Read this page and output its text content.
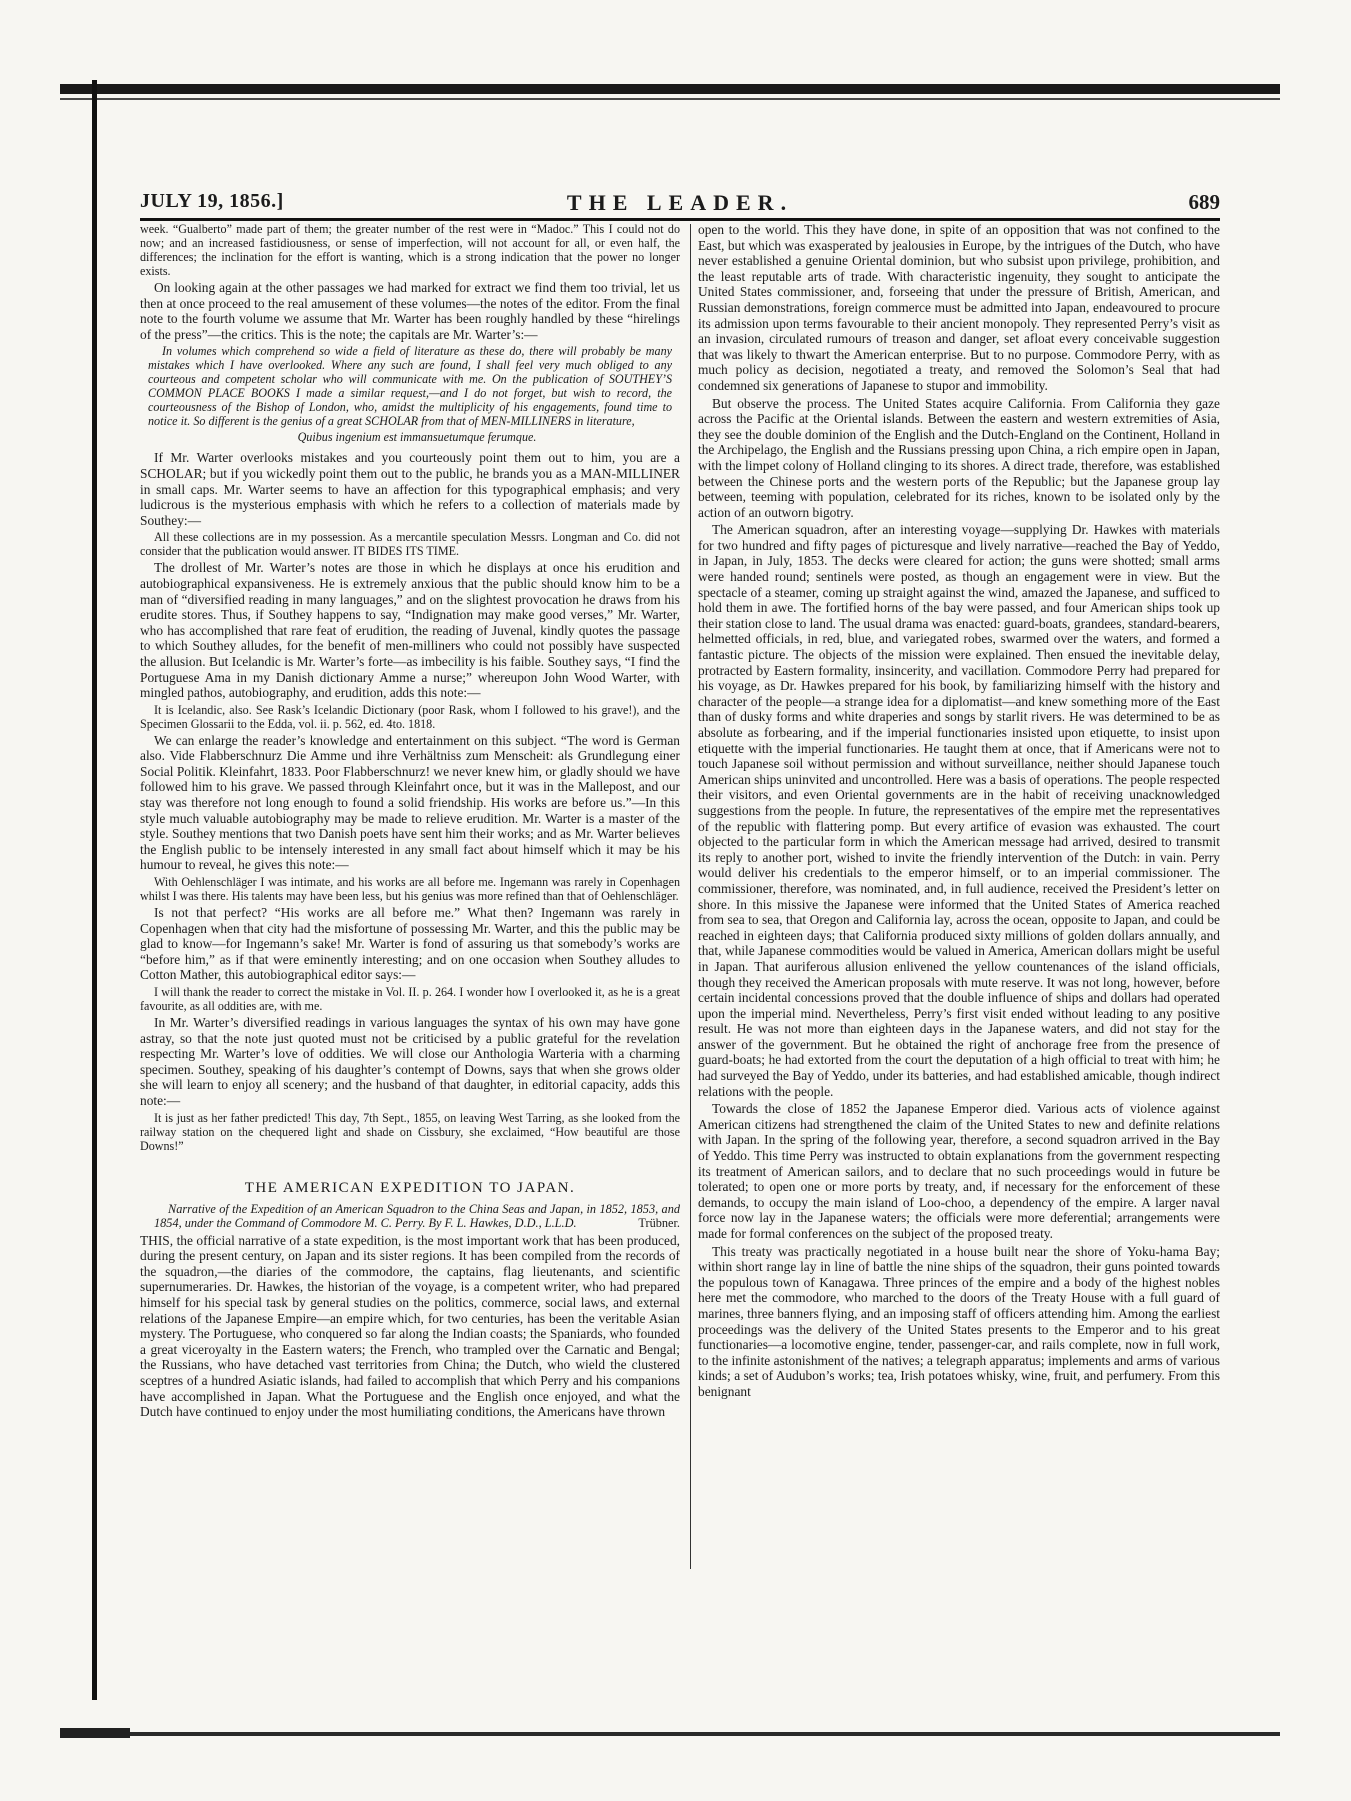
JULY 19, 1856.]	THE LEADER.	689

week. “Gualberto” made part of them; the greater number of the rest were in “Madoc.” This I could not do now; and an increased fastidiousness, or sense of imperfection, will not account for all, or even half, the differences; the inclination for the effort is wanting, which is a strong indication that the power no longer exists.

On looking again at the other passages we had marked for extract we find them too trivial, let us then at once proceed to the real amusement of these volumes—the notes of the editor. From the final note to the fourth volume we assume that Mr. Warter has been roughly handled by these “hirelings of the press”—the critics. This is the note; the capitals are Mr. Warter’s:—

In volumes which comprehend so wide a field of literature as these do, there will probably be many mistakes which I have overlooked. Where any such are found, I shall feel very much obliged to any courteous and competent scholar who will communicate with me. On the publication of SOUTHEY’S COMMON PLACE BOOKS I made a similar request,—and I do not forget, but wish to record, the courteousness of the Bishop of London, who, amidst the multiplicity of his engagements, found time to notice it. So different is the genius of a great SCHOLAR from that of MEN-MILLINERS in literature,

Quibus ingenium est immansuetumque ferumque.

If Mr. Warter overlooks mistakes and you courteously point them out to him, you are a SCHOLAR; but if you wickedly point them out to the public, he brands you as a MAN-MILLINER in small caps. Mr. Warter seems to have an affection for this typographical emphasis; and very ludicrous is the mysterious emphasis with which he refers to a collection of materials made by Southey:—

All these collections are in my possession. As a mercantile speculation Messrs. Longman and Co. did not consider that the publication would answer. IT BIDES ITS TIME.

The drollest of Mr. Warter’s notes are those in which he displays at once his erudition and autobiographical expansiveness. He is extremely anxious that the public should know him to be a man of “diversified reading in many languages,” and on the slightest provocation he draws from his erudite stores. Thus, if Southey happens to say, “Indignation may make good verses,” Mr. Warter, who has accomplished that rare feat of erudition, the reading of Juvenal, kindly quotes the passage to which Southey alludes, for the benefit of men-milliners who could not possibly have suspected the allusion. But Icelandic is Mr. Warter’s forte—as imbecility is his faible. Southey says, “I find the Portuguese Ama in my Danish dictionary Amme a nurse;” whereupon John Wood Warter, with mingled pathos, autobiography, and erudition, adds this note:—

It is Icelandic, also. See Rask’s Icelandic Dictionary (poor Rask, whom I followed to his grave!), and the Specimen Glossarii to the Edda, vol. ii. p. 562, ed. 4to. 1818.

We can enlarge the reader’s knowledge and entertainment on this subject. “The word is German also. Vide Flabberschnurz Die Amme und ihre Verhältniss zum Menscheit: als Grundlegung einer Social Politik. Kleinfahrt, 1833. Poor Flabberschnurz! we never knew him, or gladly should we have followed him to his grave. We passed through Kleinfahrt once, but it was in the Mallepost, and our stay was therefore not long enough to found a solid friendship. His works are before us.”—In this style much valuable autobiography may be made to relieve erudition. Mr. Warter is a master of the style. Southey mentions that two Danish poets have sent him their works; and as Mr. Warter believes the English public to be intensely interested in any small fact about himself which it may be his humour to reveal, he gives this note:—

With Oehlenschläger I was intimate, and his works are all before me. Ingemann was rarely in Copenhagen whilst I was there. His talents may have been less, but his genius was more refined than that of Oehlenschläger.

Is not that perfect? “His works are all before me.” What then? Ingemann was rarely in Copenhagen when that city had the misfortune of possessing Mr. Warter, and this the public may be glad to know—for Ingemann’s sake! Mr. Warter is fond of assuring us that somebody’s works are “before him,” as if that were eminently interesting; and on one occasion when Southey alludes to Cotton Mather, this autobiographical editor says:—

I will thank the reader to correct the mistake in Vol. II. p. 264. I wonder how I overlooked it, as he is a great favourite, as all oddities are, with me.

In Mr. Warter’s diversified readings in various languages the syntax of his own may have gone astray, so that the note just quoted must not be criticised by a public grateful for the revelation respecting Mr. Warter’s love of oddities. We will close our Anthologia Warteria with a charming specimen. Southey, speaking of his daughter’s contempt of Downs, says that when she grows older she will learn to enjoy all scenery; and the husband of that daughter, in editorial capacity, adds this note:—

It is just as her father predicted! This day, 7th Sept., 1855, on leaving West Tarring, as she looked from the railway station on the chequered light and shade on Cissbury, she exclaimed, “How beautiful are those Downs!”

THE AMERICAN EXPEDITION TO JAPAN.

Narrative of the Expedition of an American Squadron to the China Seas and Japan, in 1852, 1853, and 1854, under the Command of Commodore M. C. Perry. By F. L. Hawkes, D.D., L.L.D.	Trübner.

THIS, the official narrative of a state expedition, is the most important work that has been produced, during the present century, on Japan and its sister regions. It has been compiled from the records of the squadron,—the diaries of the commodore, the captains, flag lieutenants, and scientific supernumeraries. Dr. Hawkes, the historian of the voyage, is a competent writer, who had prepared himself for his special task by general studies on the politics, commerce, social laws, and external relations of the Japanese Empire—an empire which, for two centuries, has been the veritable Asian mystery. The Portuguese, who conquered so far along the Indian coasts; the Spaniards, who founded a great viceroyalty in the Eastern waters; the French, who trampled over the Carnatic and Bengal; the Russians, who have detached vast territories from China; the Dutch, who wield the clustered sceptres of a hundred Asiatic islands, had failed to accomplish that which Perry and his companions have accomplished in Japan. What the Portuguese and the English once enjoyed, and what the Dutch have continued to enjoy under the most humiliating conditions, the Americans have thrown

open to the world. This they have done, in spite of an opposition that was not confined to the East, but which was exasperated by jealousies in Europe, by the intrigues of the Dutch, who have never established a genuine Oriental dominion, but who subsist upon privilege, prohibition, and the least reputable arts of trade. With characteristic ingenuity, they sought to anticipate the United States commissioner, and, forseeing that under the pressure of British, American, and Russian demonstrations, foreign commerce must be admitted into Japan, endeavoured to procure its admission upon terms favourable to their ancient monopoly. They represented Perry’s visit as an invasion, circulated rumours of treason and danger, set afloat every conceivable suggestion that was likely to thwart the American enterprise. But to no purpose. Commodore Perry, with as much policy as decision, negotiated a treaty, and removed the Solomon’s Seal that had condemned six generations of Japanese to stupor and immobility.

But observe the process. The United States acquire California. From California they gaze across the Pacific at the Oriental islands. Between the eastern and western extremities of Asia, they see the double dominion of the English and the Dutch-England on the Continent, Holland in the Archipelago, the English and the Russians pressing upon China, a rich empire open in Japan, with the limpet colony of Holland clinging to its shores. A direct trade, therefore, was established between the Chinese ports and the western ports of the Republic; but the Japanese group lay between, teeming with population, celebrated for its riches, known to be isolated only by the action of an outworn bigotry.

The American squadron, after an interesting voyage—supplying Dr. Hawkes with materials for two hundred and fifty pages of picturesque and lively narrative—reached the Bay of Yeddo, in Japan, in July, 1853. The decks were cleared for action; the guns were shotted; small arms were handed round; sentinels were posted, as though an engagement were in view. But the spectacle of a steamer, coming up straight against the wind, amazed the Japanese, and sufficed to hold them in awe. The fortified horns of the bay were passed, and four American ships took up their station close to land. The usual drama was enacted: guard-boats, grandees, standard-bearers, helmetted officials, in red, blue, and variegated robes, swarmed over the waters, and formed a fantastic picture. The objects of the mission were explained. Then ensued the inevitable delay, protracted by Eastern formality, insincerity, and vacillation. Commodore Perry had prepared for his voyage, as Dr. Hawkes prepared for his book, by familiarizing himself with the history and character of the people—a strange idea for a diplomatist—and knew something more of the East than of dusky forms and white draperies and songs by starlit rivers. He was determined to be as absolute as forbearing, and if the imperial functionaries insisted upon etiquette, to insist upon etiquette with the imperial functionaries. He taught them at once, that if Americans were not to touch Japanese soil without permission and without surveillance, neither should Japanese touch American ships uninvited and uncontrolled. Here was a basis of operations. The people respected their visitors, and even Oriental governments are in the habit of receiving unacknowledged suggestions from the people. In future, the representatives of the empire met the representatives of the republic with flattering pomp. But every artifice of evasion was exhausted. The court objected to the particular form in which the American message had arrived, desired to transmit its reply to another port, wished to invite the friendly intervention of the Dutch: in vain. Perry would deliver his credentials to the emperor himself, or to an imperial commissioner. The commissioner, therefore, was nominated, and, in full audience, received the President’s letter on shore. In this missive the Japanese were informed that the United States of America reached from sea to sea, that Oregon and California lay, across the ocean, opposite to Japan, and could be reached in eighteen days; that California produced sixty millions of golden dollars annually, and that, while Japanese commodities would be valued in America, American dollars might be useful in Japan. That auriferous allusion enlivened the yellow countenances of the island officials, though they received the American proposals with mute reserve. It was not long, however, before certain incidental concessions proved that the double influence of ships and dollars had operated upon the imperial mind. Nevertheless, Perry’s first visit ended without leading to any positive result. He was not more than eighteen days in the Japanese waters, and did not stay for the answer of the government. But he obtained the right of anchorage free from the presence of guard-boats; he had extorted from the court the deputation of a high official to treat with him; he had surveyed the Bay of Yeddo, under its batteries, and had established amicable, though indirect relations with the people.

Towards the close of 1852 the Japanese Emperor died. Various acts of violence against American citizens had strengthened the claim of the United States to new and definite relations with Japan. In the spring of the following year, therefore, a second squadron arrived in the Bay of Yeddo. This time Perry was instructed to obtain explanations from the government respecting its treatment of American sailors, and to declare that no such proceedings would in future be tolerated; to open one or more ports by treaty, and, if necessary for the enforcement of these demands, to occupy the main island of Loo-choo, a dependency of the empire. A larger naval force now lay in the Japanese waters; the officials were more deferential; arrangements were made for formal conferences on the subject of the proposed treaty.

This treaty was practically negotiated in a house built near the shore of Yoku-hama Bay; within short range lay in line of battle the nine ships of the squadron, their guns pointed towards the populous town of Kanagawa. Three princes of the empire and a body of the highest nobles here met the commodore, who marched to the doors of the Treaty House with a full guard of marines, three banners flying, and an imposing staff of officers attending him. Among the earliest proceedings was the delivery of the United States presents to the Emperor and to his great functionaries—a locomotive engine, tender, passenger-car, and rails complete, now in full work, to the infinite astonishment of the natives; a telegraph apparatus; implements and arms of various kinds; a set of Audubon’s works; tea, Irish potatoes whisky, wine, fruit, and perfumery. From this benignant
